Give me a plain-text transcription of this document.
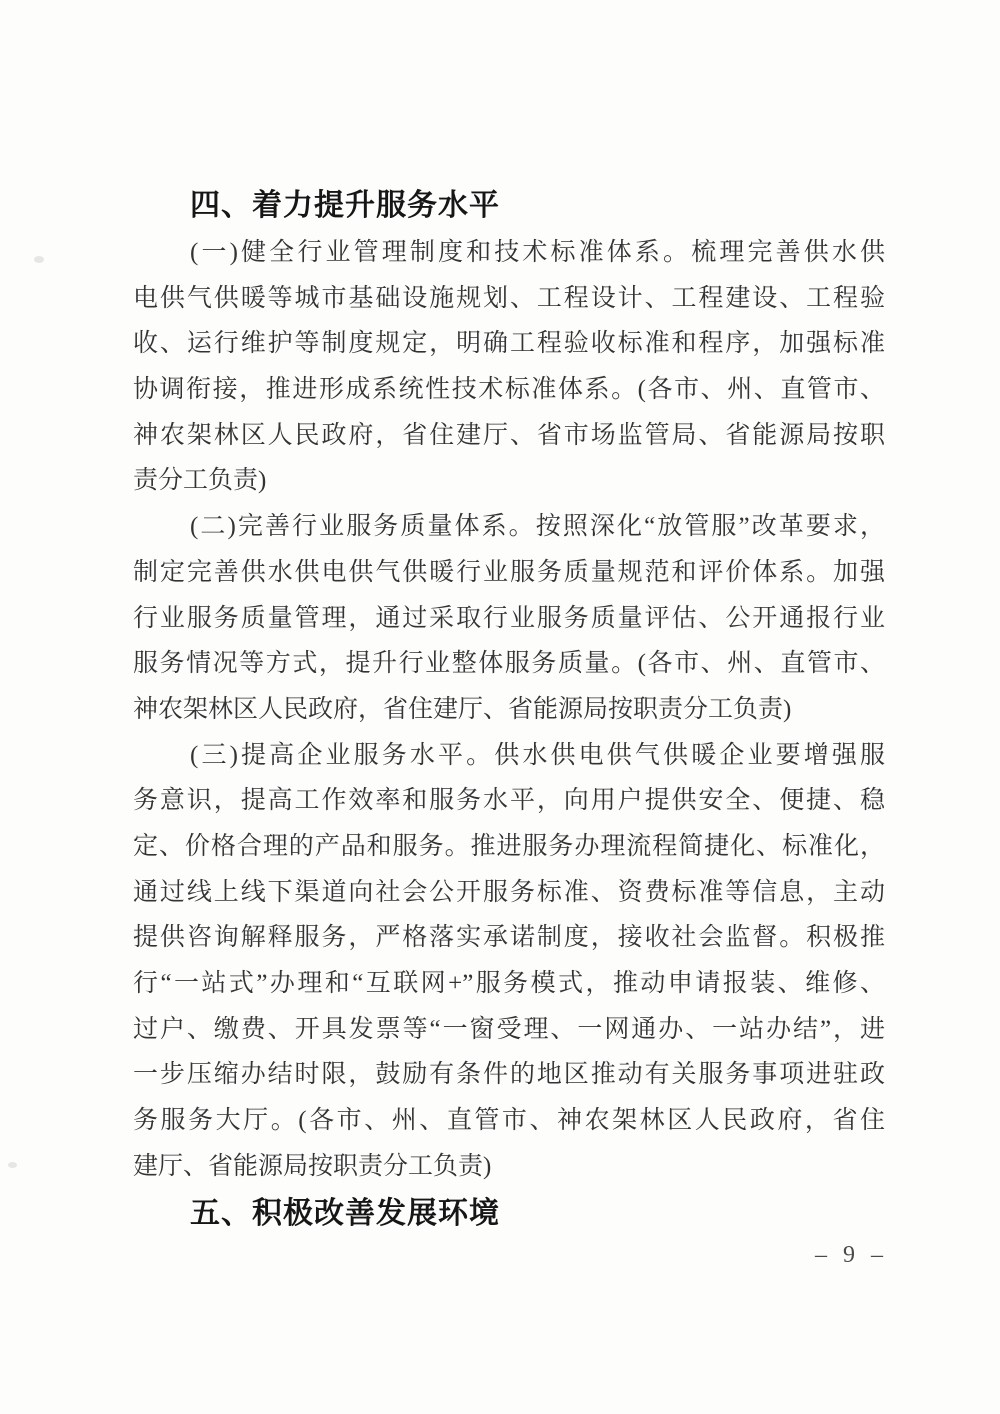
四、着力提升服务水平
(一)健全行业管理制度和技术标准体系。梳理完善供水供
电供气供暖等城市基础设施规划、工程设计、工程建设、工程验
收、运行维护等制度规定，明确工程验收标准和程序，加强标准
协调衔接，推进形成系统性技术标准体系。(各市、州、直管市、
神农架林区人民政府，省住建厅、省市场监管局、省能源局按职
责分工负责)
(二)完善行业服务质量体系。按照深化“放管服”改革要求，
制定完善供水供电供气供暖行业服务质量规范和评价体系。加强
行业服务质量管理，通过采取行业服务质量评估、公开通报行业
服务情况等方式，提升行业整体服务质量。(各市、州、直管市、
神农架林区人民政府，省住建厅、省能源局按职责分工负责)
(三)提高企业服务水平。供水供电供气供暖企业要增强服
务意识，提高工作效率和服务水平，向用户提供安全、便捷、稳
定、价格合理的产品和服务。推进服务办理流程简捷化、标准化，
通过线上线下渠道向社会公开服务标准、资费标准等信息，主动
提供咨询解释服务，严格落实承诺制度，接收社会监督。积极推
行“一站式”办理和“互联网+”服务模式，推动申请报装、维修、
过户、缴费、开具发票等“一窗受理、一网通办、一站办结”，进
一步压缩办结时限，鼓励有条件的地区推动有关服务事项进驻政
务服务大厅。(各市、州、直管市、神农架林区人民政府，省住
建厅、省能源局按职责分工负责)
五、积极改善发展环境
– 9 –
